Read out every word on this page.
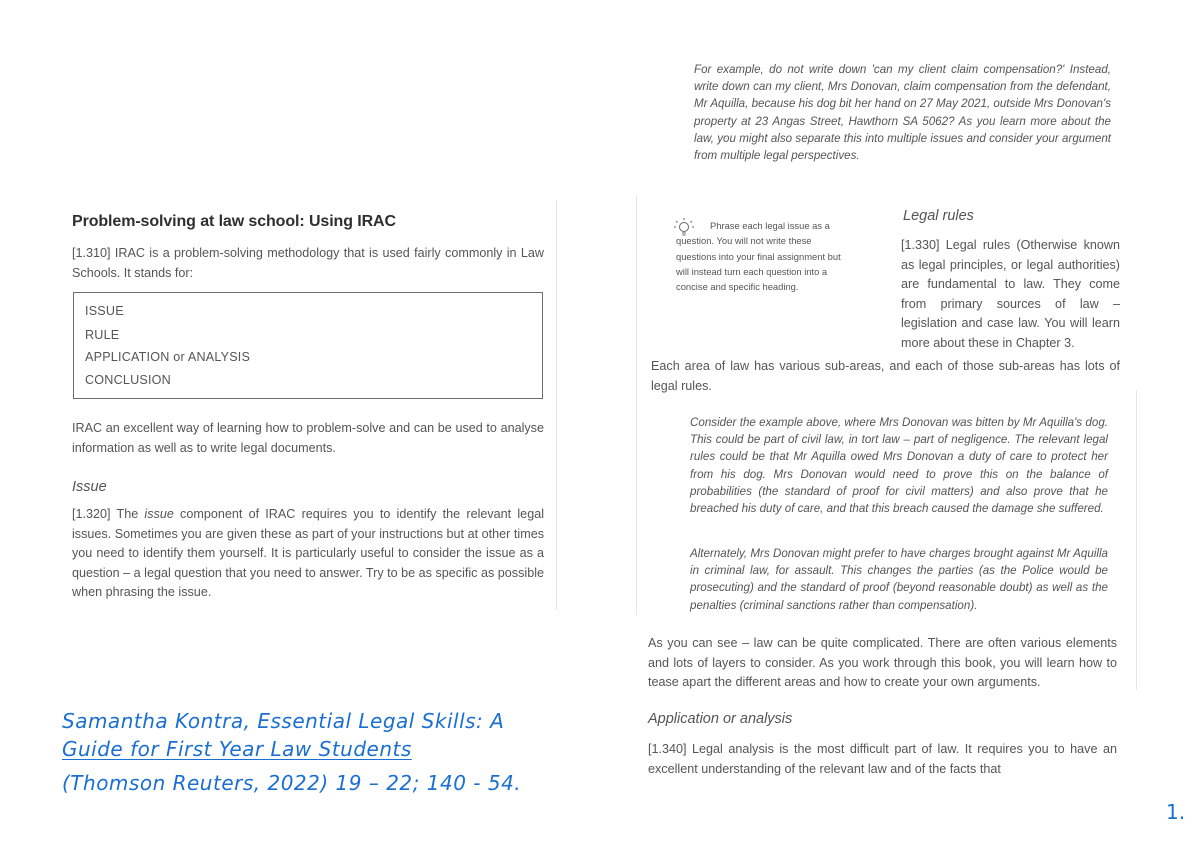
Problem-solving at law school: Using IRAC
[1.310] IRAC is a problem-solving methodology that is used fairly commonly in Law Schools. It stands for:
ISSUE
RULE
APPLICATION or ANALYSIS
CONCLUSION
IRAC an excellent way of learning how to problem-solve and can be used to analyse information as well as to write legal documents.
Issue
[1.320] The issue component of IRAC requires you to identify the relevant legal issues. Sometimes you are given these as part of your instructions but at other times you need to identify them yourself. It is particularly useful to consider the issue as a question – a legal question that you need to answer. Try to be as specific as possible when phrasing the issue.
Samantha Kontra, Essential Legal Skills: A
Guide for First Year Law Students
(Thomson Reuters, 2022) 19 – 22; 140 - 54.
1.
For example, do not write down 'can my client claim compensation?' Instead, write down can my client, Mrs Donovan, claim compensation from the defendant, Mr Aquilla, because his dog bit her hand on 27 May 2021, outside Mrs Donovan's property at 23 Angas Street, Hawthorn SA 5062? As you learn more about the law, you might also separate this into multiple issues and consider your argument from multiple legal perspectives.
Phrase each legal issue as a question. You will not write these questions into your final assignment but will instead turn each question into a concise and specific heading.
Legal rules
[1.330] Legal rules (Otherwise known as legal principles, or legal authorities) are fundamental to law. They come from primary sources of law – legislation and case law. You will learn more about these in Chapter 3.
Each area of law has various sub-areas, and each of those sub-areas has lots of legal rules.
Consider the example above, where Mrs Donovan was bitten by Mr Aquilla's dog. This could be part of civil law, in tort law – part of negligence. The relevant legal rules could be that Mr Aquilla owed Mrs Donovan a duty of care to protect her from his dog. Mrs Donovan would need to prove this on the balance of probabilities (the standard of proof for civil matters) and also prove that he breached his duty of care, and that this breach caused the damage she suffered.
Alternately, Mrs Donovan might prefer to have charges brought against Mr Aquilla in criminal law, for assault. This changes the parties (as the Police would be prosecuting) and the standard of proof (beyond reasonable doubt) as well as the penalties (criminal sanctions rather than compensation).
As you can see – law can be quite complicated. There are often various elements and lots of layers to consider. As you work through this book, you will learn how to tease apart the different areas and how to create your own arguments.
Application or analysis
[1.340] Legal analysis is the most difficult part of law. It requires you to have an excellent understanding of the relevant law and of the facts that
